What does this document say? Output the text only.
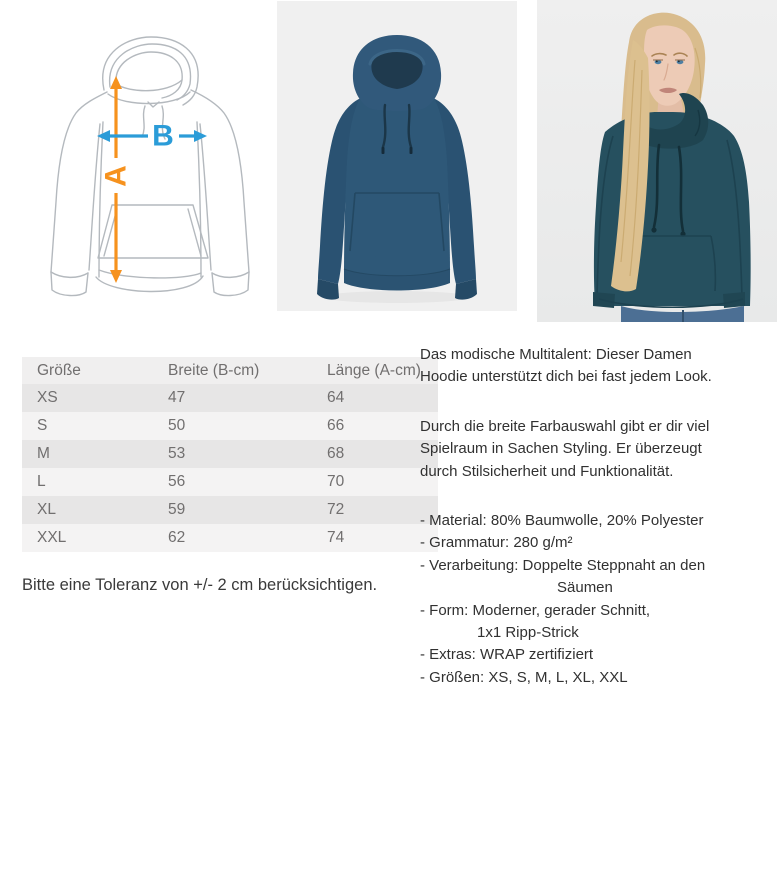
A
B
Größe	Breite (B-cm)	Länge (A-cm)
XS	47	64
S	50	66
M	53	68
L	56	70
XL	59	72
XXL	62	74
Bitte eine Toleranz von +/- 2 cm berücksichtigen.
Das modische Multitalent: Dieser Damen
Hoodie unterstützt dich bei fast jedem Look.
Durch die breite Farbauswahl gibt er dir viel
Spielraum in Sachen Styling. Er überzeugt
durch Stilsicherheit und Funktionalität.
- Material: 80% Baumwolle, 20% Polyester
- Grammatur: 280 g/m²
- Verarbeitung: Doppelte Steppnaht an den
Säumen
- Form: Moderner, gerader Schnitt,
1x1 Ripp-Strick
- Extras: WRAP zertifiziert
- Größen: XS, S, M, L, XL, XXL
